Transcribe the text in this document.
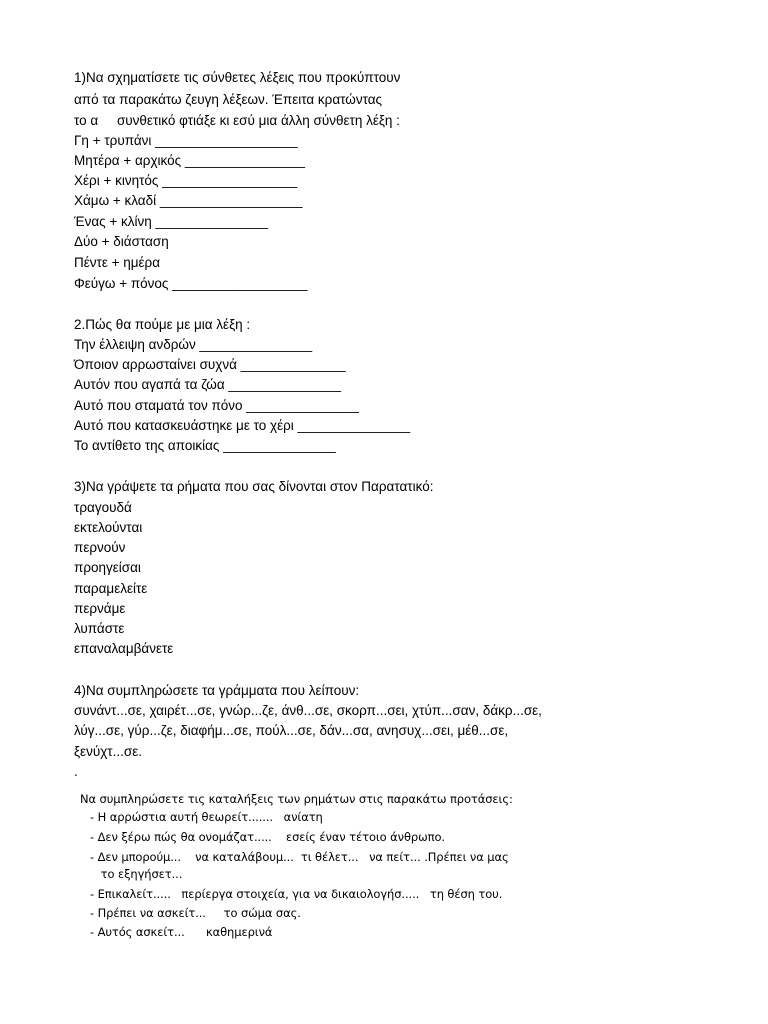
1)Να σχηματίσετε τις σύνθετες λέξεις που προκύπτουν
από τα παρακάτω ζευγη λέξεων. Έπειτα κρατώντας
το α     συνθετικό φτιάξε κι εσύ μια άλλη σύνθετη λέξη :
Γη + τρυπάνι ___________________
Μητέρα + αρχικός ________________
Χέρι + κινητός __________________
Χάμω + κλαδί ___________________
Ένας + κλίνη _______________
Δύο + διάσταση
Πέντε + ημέρα
Φεύγω + πόνος __________________
2.Πώς θα πούμε με μια λέξη :
Την έλλειψη ανδρών _______________
Όποιον αρρωσταίνει συχνά ______________
Αυτόν που αγαπά τα ζώα _______________
Αυτό που σταματά τον πόνο _______________
Αυτό που κατασκευάστηκε με το χέρι _______________
Το αντίθετο της αποικίας _______________
3)Να γράψετε τα ρήματα που σας δίνονται στον Παρατατικό:
τραγουδά
εκτελούνται
περνούν
προηγείσαι
παραμελείτε
περνάμε
λυπάστε
επαναλαμβάνετε
4)Να συμπληρώσετε τα γράμματα που λείπουν:
συνάντ...σε, χαιρέτ...σε, γνώρ...ζε, άνθ...σε, σκορπ...σει, χτύπ...σαν, δάκρ...σε,
λύγ...σε, γύρ...ζε, διαφήμ...σε, πούλ...σε, δάν...σα, ανησυχ...σει, μέθ...σε,
ξενύχτ...σε.
.
Να συμπληρώσετε τις καταλήξεις των ρημάτων στις παρακάτω προτάσεις:
- Η αρρώστια αυτή θεωρείτ.......   ανίατη
- Δεν ξέρω πώς θα ονομάζατ.....    εσείς έναν τέτοιο άνθρωπο.
- Δεν μπορούμ...    να καταλάβουμ...  τι θέλετ...   να πείτ... .Πρέπει να μας
το εξηγήσετ...
- Επικαλείτ.....   περίεργα στοιχεία, για να δικαιολογήσ.....   τη θέση του.
- Πρέπει να ασκείτ...     το σώμα σας.
- Αυτός ασκείτ...      καθημερινά
